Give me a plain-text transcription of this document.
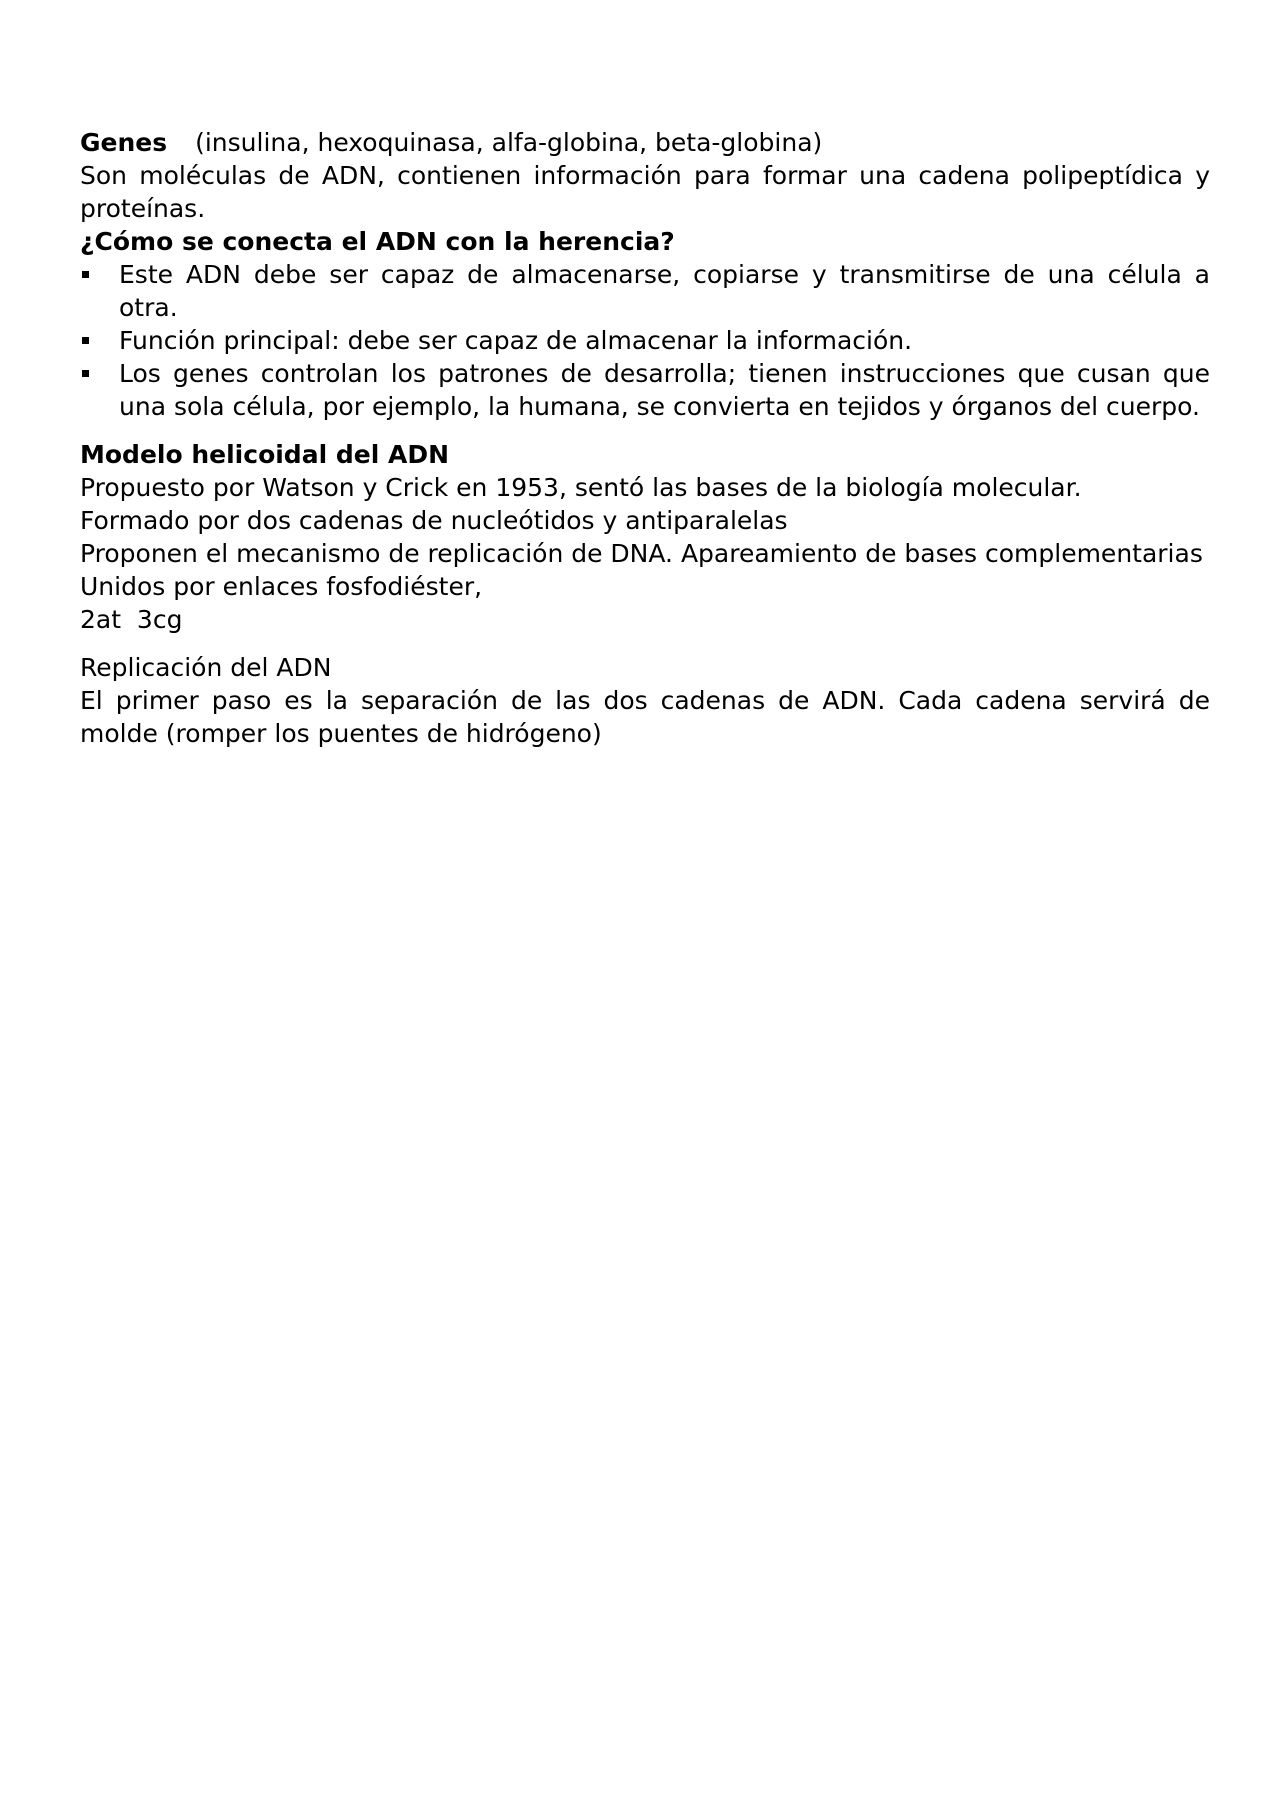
Genes (insulina, hexoquinasa, alfa-globina, beta-globina)

Son moléculas de ADN, contienen información para formar una cadena polipeptídica y proteínas.

¿Cómo se conecta el ADN con la herencia?

Este ADN debe ser capaz de almacenarse, copiarse y transmitirse de una célula a otra.
Función principal: debe ser capaz de almacenar la información.
Los genes controlan los patrones de desarrolla; tienen instrucciones que cusan que una sola célula, por ejemplo, la humana, se convierta en tejidos y órganos del cuerpo.

Modelo helicoidal del ADN

Propuesto por Watson y Crick en 1953, sentó las bases de la biología molecular.

Formado por dos cadenas de nucleótidos y antiparalelas

Proponen el mecanismo de replicación de DNA. Apareamiento de bases complementarias

Unidos por enlaces fosfodiéster,

2at  3cg

Replicación del ADN

El primer paso es la separación de las dos cadenas de ADN. Cada cadena servirá de molde (romper los puentes de hidrógeno)
